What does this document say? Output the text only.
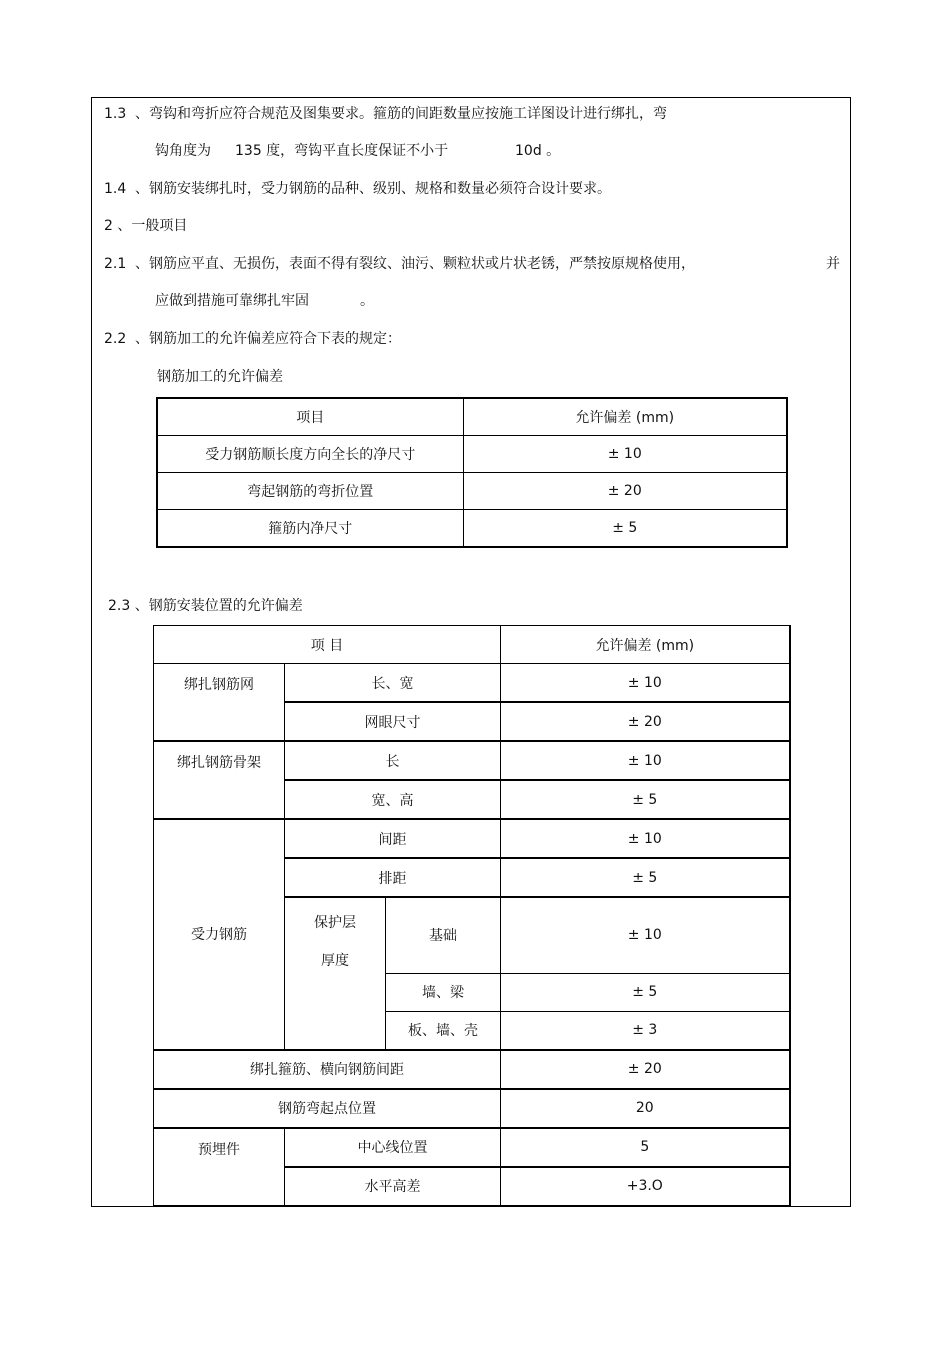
1.3 、弯钩和弯折应符合规范及图集要求。箍筋的间距数量应按施工详图设计进行绑扎，弯
钩角度为 135 度，弯钩平直长度保证不小于	10d 。
1.4 、钢筋安装绑扎时，受力钢筋的品种、级别、规格和数量必须符合设计要求。
2 、一般项目
2.1 、钢筋应平直、无损伤，表面不得有裂纹、油污、颗粒状或片状老锈，严禁按原规格使用，	并
应做到措施可靠绑扎牢固	。
2.2 、钢筋加工的允许偏差应符合下表的规定：
钢筋加工的允许偏差
项目	允许偏差 (mm)
受力钢筋顺长度方向全长的净尺寸	± 10
弯起钢筋的弯折位置	± 20
箍筋内净尺寸	± 5
2.3 、钢筋安装位置的允许偏差
项 目			允许偏差 (mm)
绑扎钢筋网	长、宽		± 10
	网眼尺寸		± 20
绑扎钢筋骨架	长		± 10
	宽、高		± 5
受力钢筋	间距		± 10
	排距		± 5
	保护层
厚度	基础	± 10
		墙、梁	± 5
		板、墙、壳	± 3
绑扎箍筋、横向钢筋间距			± 20
钢筋弯起点位置			20
预埋件	中心线位置		5
	水平高差		+3.O
